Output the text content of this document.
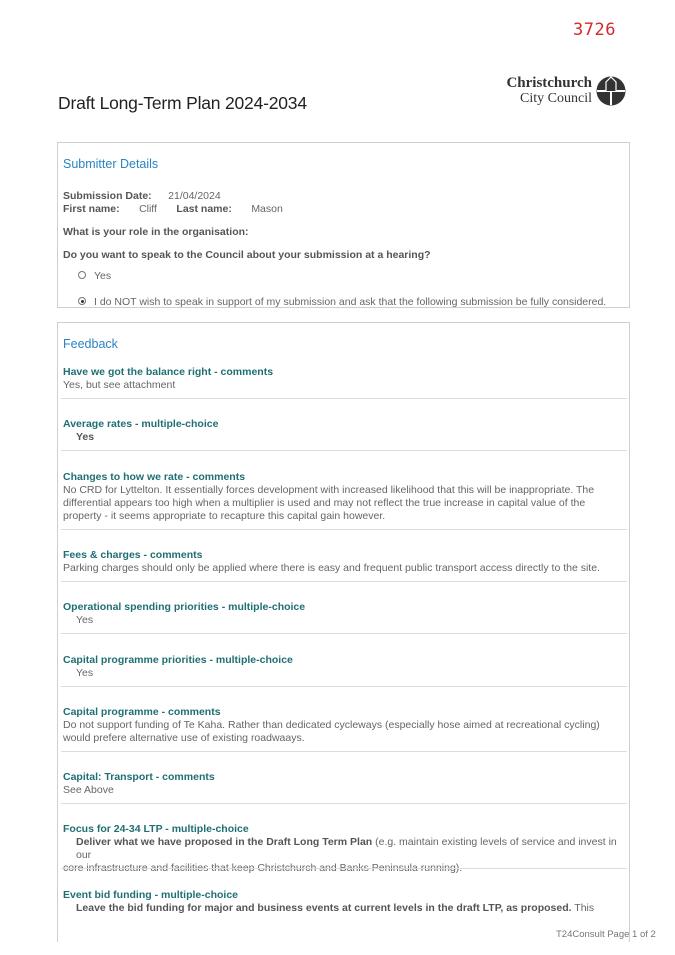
3726
Christchurch
City Council
Draft Long-Term Plan 2024-2034
Submitter Details
Submission Date: 21/04/2024
First name: Cliff Last name: Mason
What is your role in the organisation:
Do you want to speak to the Council about your submission at a hearing?
Yes
I do NOT wish to speak in support of my submission and ask that the following submission be fully considered.
Feedback
Have we got the balance right - comments
Yes, but see attachment
Average rates - multiple-choice
Yes
Changes to how we rate - comments
No CRD for Lyttelton. It essentially forces development with increased likelihood that this will be inappropriate. The
differential appears too high when a multiplier is used and may not reflect the true increase in capital value of the
property - it seems appropriate to recapture this capital gain however.
Fees & charges - comments
Parking charges should only be applied where there is easy and frequent public transport access directly to the site.
Operational spending priorities - multiple-choice
Yes
Capital programme priorities - multiple-choice
Yes
Capital programme - comments
Do not support funding of Te Kaha. Rather than dedicated cycleways (especially hose aimed at recreational cycling)
would prefere alternative use of existing roadwaays.
Capital: Transport - comments
See Above
Focus for 24-34 LTP - multiple-choice
Deliver what we have proposed in the Draft Long Term Plan (e.g. maintain existing levels of service and invest in our
core infrastructure and facilities that keep Christchurch and Banks Peninsula running).
Event bid funding - multiple-choice
Leave the bid funding for major and business events at current levels in the draft LTP, as proposed. This
T24Consult Page 1 of 2
